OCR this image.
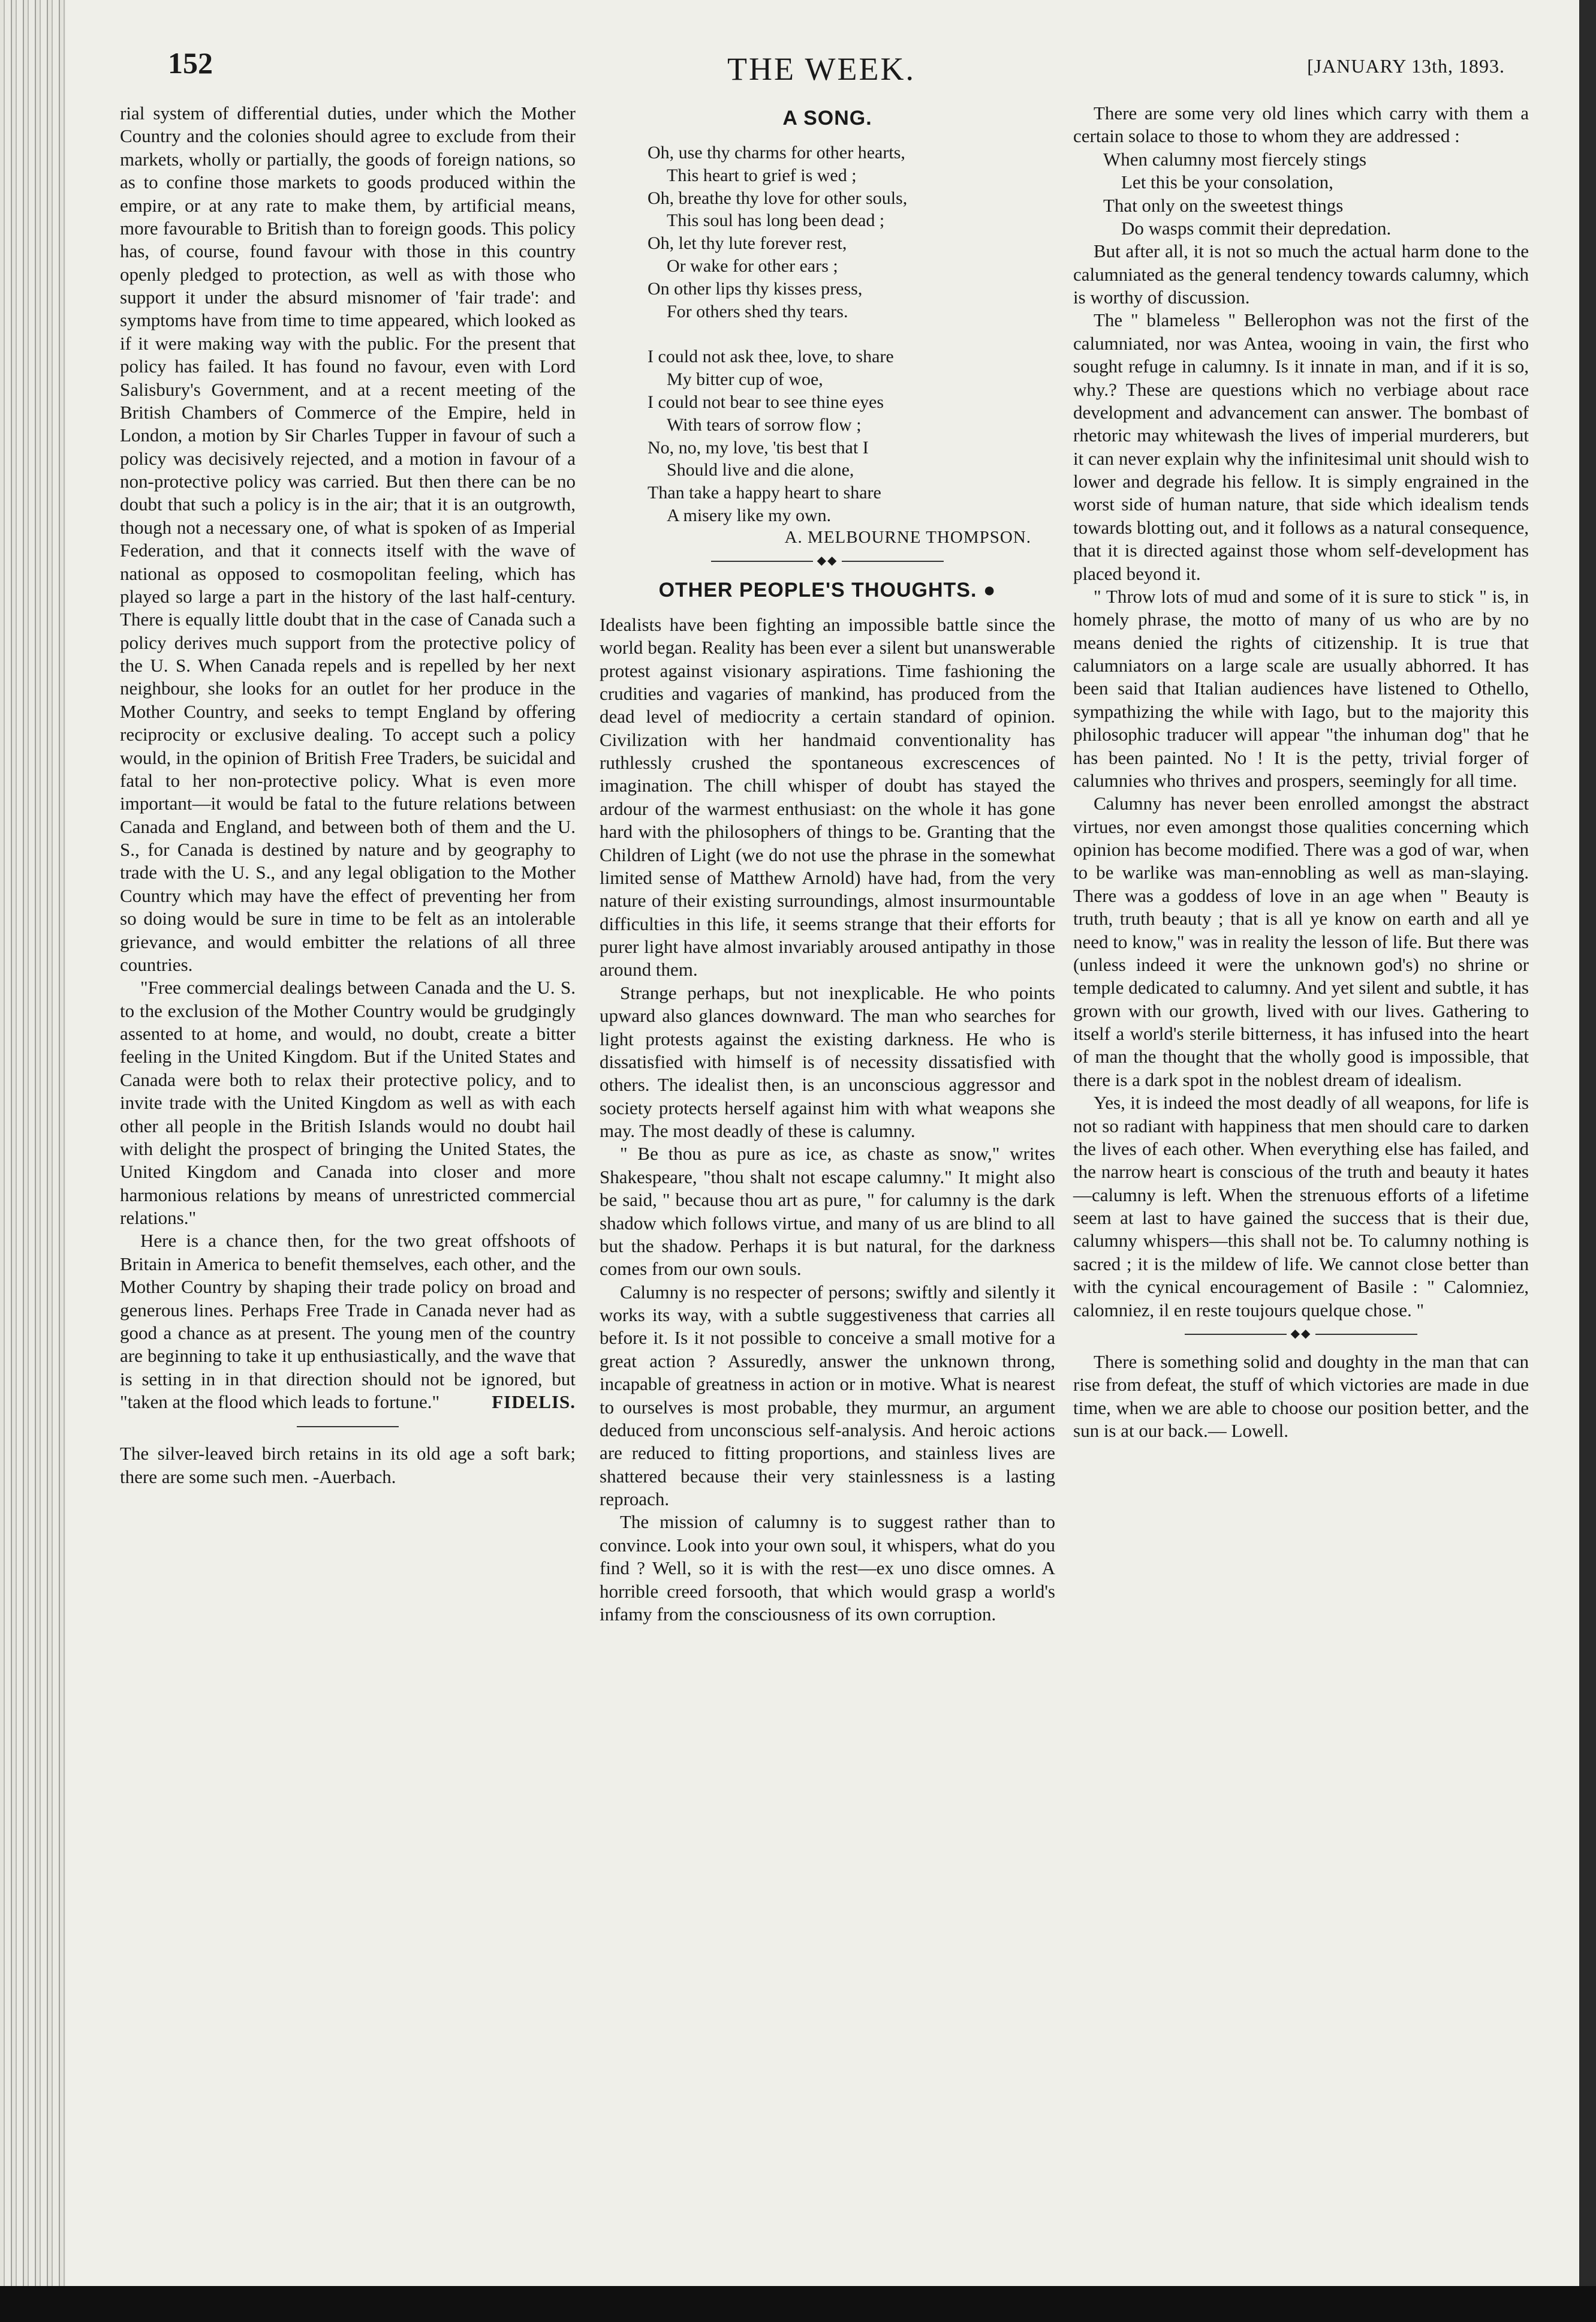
152	THE WEEK.	[JANUARY 13th, 1893.

rial system of differential duties, under which the Mother Country and the colonies should agree to exclude from their markets, wholly or partially, the goods of foreign nations, so as to confine those markets to goods produced within the empire, or at any rate to make them, by artificial means, more favourable to British than to foreign goods. This policy has, of course, found favour with those in this country openly pledged to protection, as well as with those who support it under the absurd misnomer of 'fair trade': and symptoms have from time to time appeared, which looked as if it were making way with the public. For the present that policy has failed. It has found no favour, even with Lord Salisbury's Government, and at a recent meeting of the British Chambers of Commerce of the Empire, held in London, a motion by Sir Charles Tupper in favour of such a policy was decisively rejected, and a motion in favour of a non-protective policy was carried. But then there can be no doubt that such a policy is in the air; that it is an outgrowth, though not a necessary one, of what is spoken of as Imperial Federation, and that it connects itself with the wave of national as opposed to cosmopolitan feeling, which has played so large a part in the history of the last half-century. There is equally little doubt that in the case of Canada such a policy derives much support from the protective policy of the U. S. When Canada repels and is repelled by her next neighbour, she looks for an outlet for her produce in the Mother Country, and seeks to tempt England by offering reciprocity or exclusive dealing. To accept such a policy would, in the opinion of British Free Traders, be suicidal and fatal to her non-protective policy. What is even more important—it would be fatal to the future relations between Canada and England, and between both of them and the U. S., for Canada is destined by nature and by geography to trade with the U. S., and any legal obligation to the Mother Country which may have the effect of preventing her from so doing would be sure in time to be felt as an intolerable grievance, and would embitter the relations of all three countries.

"Free commercial dealings between Canada and the U. S. to the exclusion of the Mother Country would be grudgingly assented to at home, and would, no doubt, create a bitter feeling in the United Kingdom. But if the United States and Canada were both to relax their protective policy, and to invite trade with the United Kingdom as well as with each other all people in the British Islands would no doubt hail with delight the prospect of bringing the United States, the United Kingdom and Canada into closer and more harmonious relations by means of unrestricted commercial relations."

Here is a chance then, for the two great offshoots of Britain in America to benefit themselves, each other, and the Mother Country by shaping their trade policy on broad and generous lines. Perhaps Free Trade in Canada never had as good a chance as at present. The young men of the country are beginning to take it up enthusiastically, and the wave that is setting in in that direction should not be ignored, but "taken at the flood which leads to fortune."	FIDELIS.

The silver-leaved birch retains in its old age a soft bark; there are some such men. -Auerbach.

A SONG.
Oh, use thy charms for other hearts,
This heart to grief is wed ;
Oh, breathe thy love for other souls,
This soul has long been dead ;
Oh, let thy lute forever rest,
Or wake for other ears ;
On other lips thy kisses press,
For others shed thy tears.
I could not ask thee, love, to share
My bitter cup of woe,
I could not bear to see thine eyes
With tears of sorrow flow ;
No, no, my love, 'tis best that I
Should live and die alone,
Than take a happy heart to share
A misery like my own.
A. MELBOURNE THOMPSON.
◆◆
OTHER PEOPLE'S THOUGHTS. ●

Idealists have been fighting an impossible battle since the world began. Reality has been ever a silent but unanswerable protest against visionary aspirations. Time fashioning the crudities and vagaries of mankind, has produced from the dead level of mediocrity a certain standard of opinion. Civilization with her handmaid conventionality has ruthlessly crushed the spontaneous excrescences of imagination. The chill whisper of doubt has stayed the ardour of the warmest enthusiast: on the whole it has gone hard with the philosophers of things to be. Granting that the Children of Light (we do not use the phrase in the somewhat limited sense of Matthew Arnold) have had, from the very nature of their existing surroundings, almost insurmountable difficulties in this life, it seems strange that their efforts for purer light have almost invariably aroused antipathy in those around them.

Strange perhaps, but not inexplicable. He who points upward also glances downward. The man who searches for light protests against the existing darkness. He who is dissatisfied with himself is of necessity dissatisfied with others. The idealist then, is an unconscious aggressor and society protects herself against him with what weapons she may. The most deadly of these is calumny.

" Be thou as pure as ice, as chaste as snow," writes Shakespeare, "thou shalt not escape calumny." It might also be said, " because thou art as pure, " for calumny is the dark shadow which follows virtue, and many of us are blind to all but the shadow. Perhaps it is but natural, for the darkness comes from our own souls.

Calumny is no respecter of persons; swiftly and silently it works its way, with a subtle suggestiveness that carries all before it. Is it not possible to conceive a small motive for a great action ? Assuredly, answer the unknown throng, incapable of greatness in action or in motive. What is nearest to ourselves is most probable, they murmur, an argument deduced from unconscious self-analysis. And heroic actions are reduced to fitting proportions, and stainless lives are shattered because their very stainlessness is a lasting reproach.

The mission of calumny is to suggest rather than to convince. Look into your own soul, it whispers, what do you find ? Well, so it is with the rest—ex uno disce omnes. A horrible creed forsooth, that which would grasp a world's infamy from the consciousness of its own corruption.

There are some very old lines which carry with them a certain solace to those to whom they are addressed :

When calumny most fiercely stings
Let this be your consolation,
That only on the sweetest things
Do wasps commit their depredation.

But after all, it is not so much the actual harm done to the calumniated as the general tendency towards calumny, which is worthy of discussion.

The " blameless " Bellerophon was not the first of the calumniated, nor was Antea, wooing in vain, the first who sought refuge in calumny. Is it innate in man, and if it is so, why.? These are questions which no verbiage about race development and advancement can answer. The bombast of rhetoric may whitewash the lives of imperial murderers, but it can never explain why the infinitesimal unit should wish to lower and degrade his fellow. It is simply engrained in the worst side of human nature, that side which idealism tends towards blotting out, and it follows as a natural consequence, that it is directed against those whom self-development has placed beyond it.

" Throw lots of mud and some of it is sure to stick " is, in homely phrase, the motto of many of us who are by no means denied the rights of citizenship. It is true that calumniators on a large scale are usually abhorred. It has been said that Italian audiences have listened to Othello, sympathizing the while with Iago, but to the majority this philosophic traducer will appear "the inhuman dog" that he has been painted. No ! It is the petty, trivial forger of calumnies who thrives and prospers, seemingly for all time.

Calumny has never been enrolled amongst the abstract virtues, nor even amongst those qualities concerning which opinion has become modified. There was a god of war, when to be warlike was man-ennobling as well as man-slaying. There was a goddess of love in an age when " Beauty is truth, truth beauty ; that is all ye know on earth and all ye need to know," was in reality the lesson of life. But there was (unless indeed it were the unknown god's) no shrine or temple dedicated to calumny. And yet silent and subtle, it has grown with our growth, lived with our lives. Gathering to itself a world's sterile bitterness, it has infused into the heart of man the thought that the wholly good is impossible, that there is a dark spot in the noblest dream of idealism.

Yes, it is indeed the most deadly of all weapons, for life is not so radiant with happiness that men should care to darken the lives of each other. When everything else has failed, and the narrow heart is conscious of the truth and beauty it hates—calumny is left. When the strenuous efforts of a lifetime seem at last to have gained the success that is their due, calumny whispers—this shall not be. To calumny nothing is sacred ; it is the mildew of life. We cannot close better than with the cynical encouragement of Basile : " Calomniez, calomniez, il en reste toujours quelque chose. "

◆◆

There is something solid and doughty in the man that can rise from defeat, the stuff of which victories are made in due time, when we are able to choose our position better, and the sun is at our back.— Lowell.
